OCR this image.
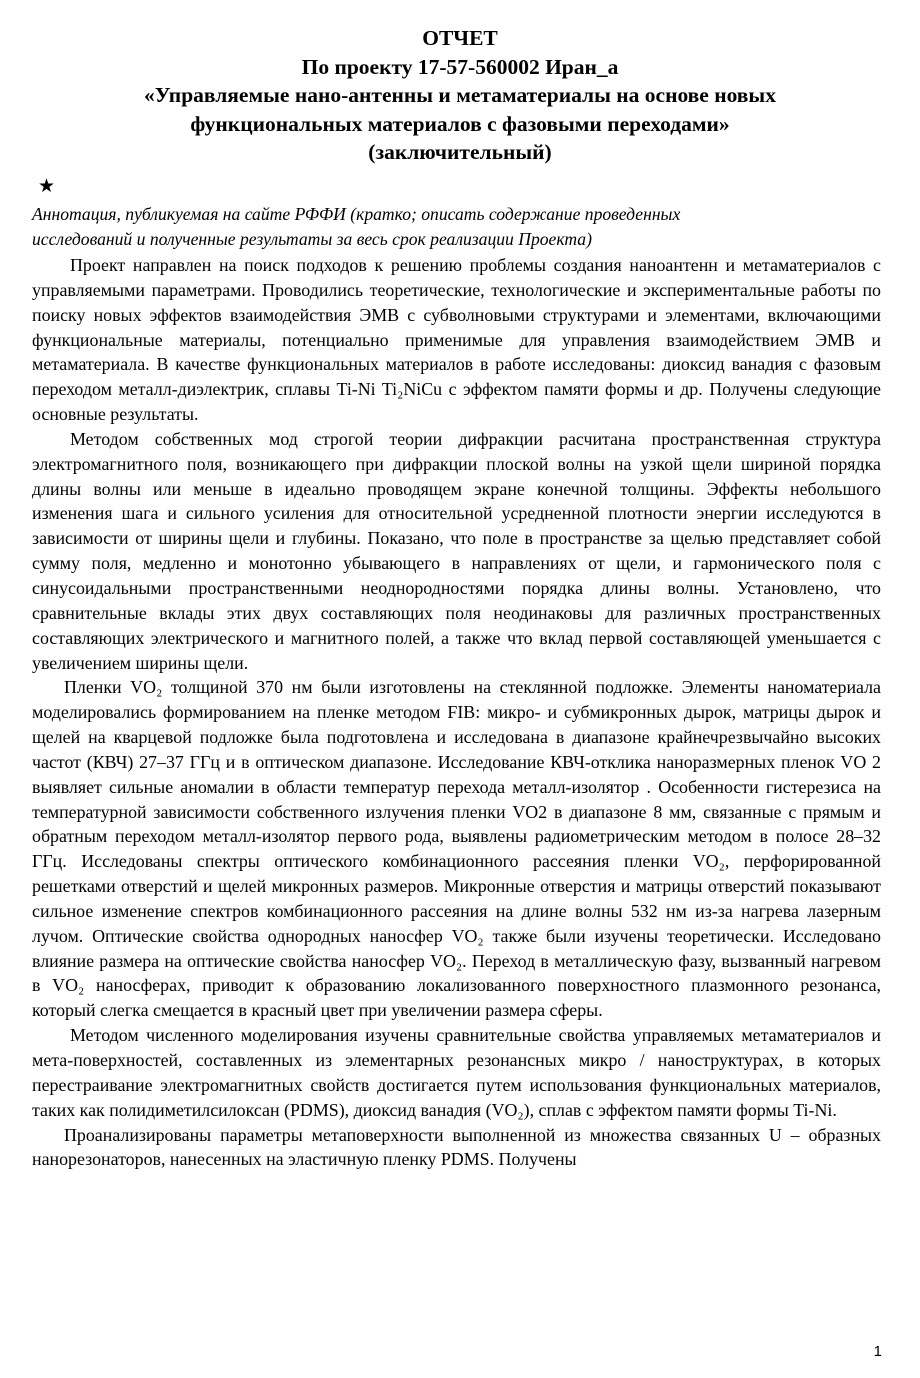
ОТЧЕТ
По проекту 17-57-560002 Иран_а
«Управляемые нано-антенны и метаматериалы на основе новых
функциональных материалов с фазовыми переходами»
(заключительный)
★
Аннотация, публикуемая на сайте РФФИ (кратко; описать содержание проведенных
исследований и полученные результаты за весь срок реализации Проекта)

Проект направлен на поиск подходов к решению проблемы создания наноантенн и метаматериалов с управляемыми параметрами. Проводились теоретические, технологические и экспериментальные работы по поиску новых эффектов взаимодействия ЭМВ с субволновыми структурами и элементами, включающими функциональные материалы, потенциально применимые для управления взаимодействием ЭМВ и метаматериала. В качестве функциональных материалов в работе исследованы: диоксид ванадия с фазовым переходом металл-диэлектрик, сплавы Ti-Ni Ti₂NiCu с эффектом памяти формы и др. Получены следующие основные результаты.

Методом собственных мод строгой теории дифракции расчитана пространственная структура электромагнитного поля, возникающего при дифракции плоской волны на узкой щели шириной порядка длины волны или меньше в идеально проводящем экране конечной толщины. Эффекты небольшого изменения шага и сильного усиления для относительной усредненной плотности энергии исследуются в зависимости от ширины щели и глубины. Показано, что поле в пространстве за щелью представляет собой сумму поля, медленно и монотонно убывающего в направлениях от щели, и гармонического поля с синусоидальными пространственными неоднородностями порядка длины волны. Установлено, что сравнительные вклады этих двух составляющих поля неодинаковы для различных пространственных составляющих электрического и магнитного полей, а также что вклад первой составляющей уменьшается с увеличением ширины щели.

Пленки VO₂ толщиной 370 нм были изготовлены на стеклянной подложке. Элементы наноматериала моделировались формированием на пленке методом FIB: микро- и субмикронных дырок, матрицы дырок и щелей на кварцевой подложке была подготовлена и исследована в диапазоне крайнечрезвычайно высоких частот (КВЧ) 27–37 ГГц и в оптическом диапазоне. Исследование КВЧ-отклика наноразмерных пленок VO 2 выявляет сильные аномалии в области температур перехода металл-изолятор . Особенности гистерезиса на температурной зависимости собственного излучения пленки VO2 в диапазоне 8 мм, связанные с прямым и обратным переходом металл-изолятор первого рода, выявлены радиометрическим методом в полосе 28–32 ГГц. Исследованы спектры оптического комбинационного рассеяния пленки VO₂, перфорированной решетками отверстий и щелей микронных размеров. Микронные отверстия и матрицы отверстий показывают сильное изменение спектров комбинационного рассеяния на длине волны 532 нм из-за нагрева лазерным лучом. Оптические свойства однородных наносфер VO₂ также были изучены теоретически. Исследовано влияние размера на оптические свойства наносфер VO₂. Переход в металлическую фазу, вызванный нагревом в VO₂ наносферах, приводит к образованию локализованного поверхностного плазмонного резонанса, который слегка смещается в красный цвет при увеличении размера сферы.

Методом численного моделирования изучены сравнительные свойства управляемых метаматериалов и мета-поверхностей, составленных из элементарных резонансных микро / наноструктурах, в которых перестраивание электромагнитных свойств достигается путем использования функциональных материалов, таких как полидиметилсилоксан (PDMS), диоксид ванадия (VO₂), сплав с эффектом памяти формы Ti-Ni.

Проанализированы параметры метаповерхности выполненной из множества связанных U – образных нанорезонаторов, нанесенных на эластичную пленку PDMS. Получены

1
